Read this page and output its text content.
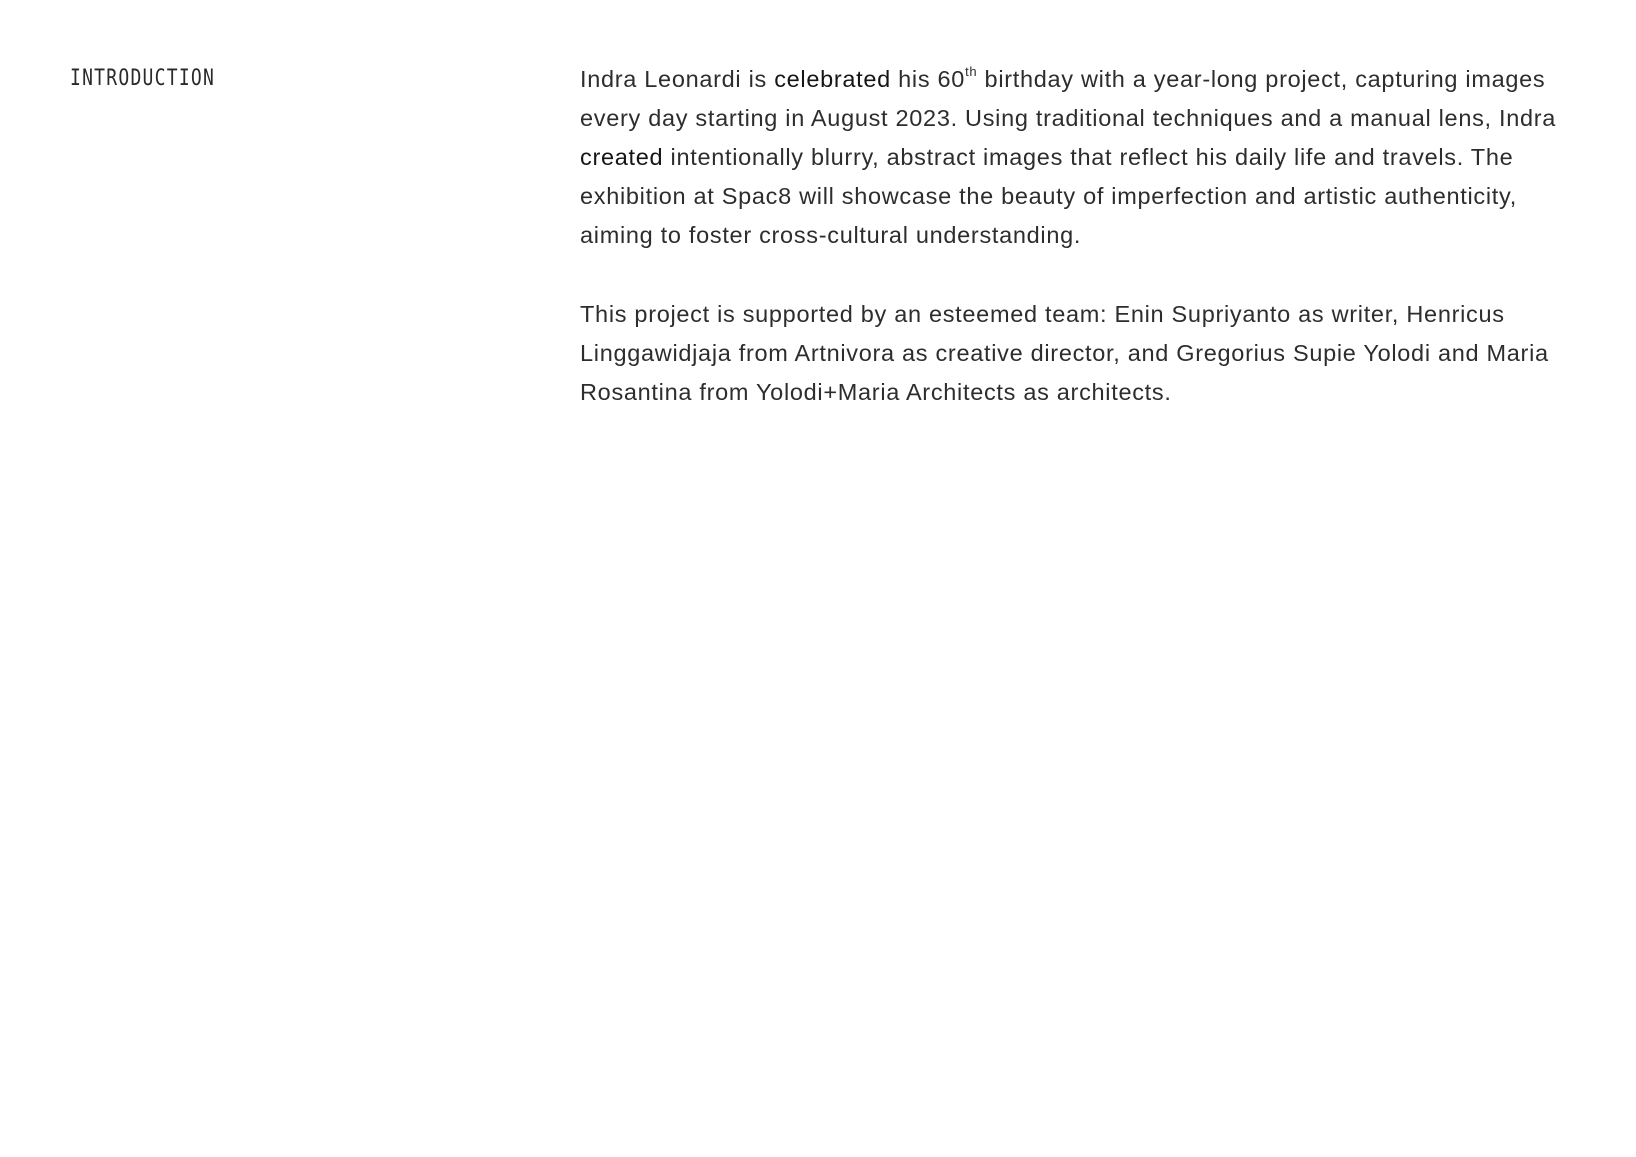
INTRODUCTION	Indra Leonardi is celebrated his 60th birthday with a year-long project, capturing images every day starting in August 2023. Using traditional techniques and a manual lens, Indra created intentionally blurry, abstract images that reflect his daily life and travels. The exhibition at Spac8 will showcase the beauty of imperfection and artistic authenticity, aiming to foster cross-cultural understanding.

This project is supported by an esteemed team: Enin Supriyanto as writer, Henricus Linggawidjaja from Artnivora as creative director, and Gregorius Supie Yolodi and Maria Rosantina from Yolodi+Maria Architects as architects.
